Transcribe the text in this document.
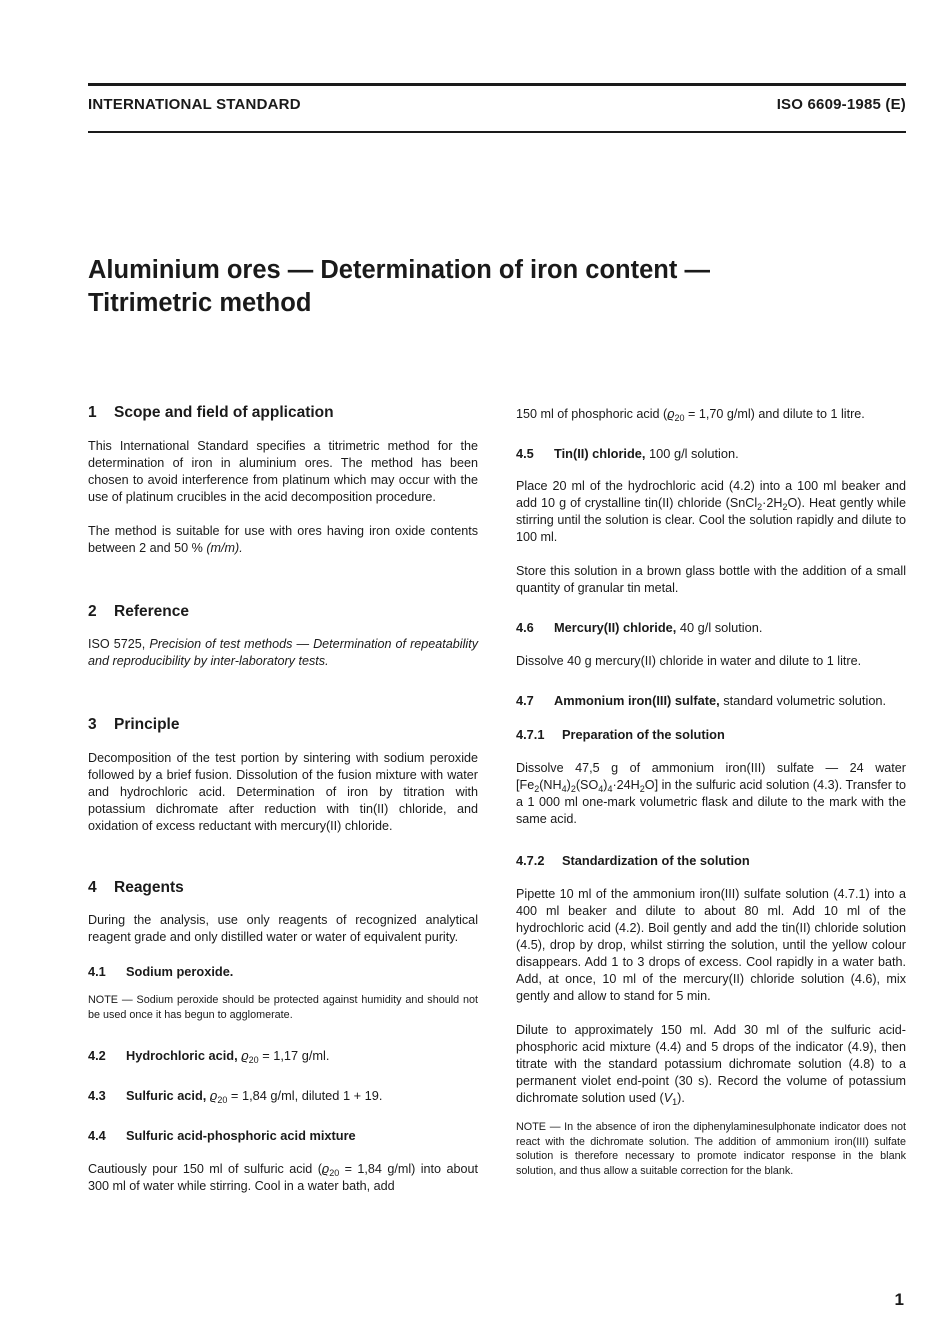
INTERNATIONAL STANDARD	ISO 6609-1985 (E)
Aluminium ores — Determination of iron content —
Titrimetric method
1 Scope and field of application

This International Standard specifies a titrimetric method for the determination of iron in aluminium ores. The method has been chosen to avoid interference from platinum which may occur with the use of platinum crucibles in the acid decomposition procedure.

The method is suitable for use with ores having iron oxide contents between 2 and 50 % (m/m).

2 Reference

ISO 5725, Precision of test methods — Determination of repeatability and reproducibility by inter-laboratory tests.

3 Principle

Decomposition of the test portion by sintering with sodium peroxide followed by a brief fusion. Dissolution of the fusion mixture with water and hydrochloric acid. Determination of iron by titration with potassium dichromate after reduction with tin(II) chloride, and oxidation of excess reductant with mercury(II) chloride.

4 Reagents

During the analysis, use only reagents of recognized analytical reagent grade and only distilled water or water of equivalent purity.

4.1 Sodium peroxide.

NOTE — Sodium peroxide should be protected against humidity and should not be used once it has begun to agglomerate.

4.2 Hydrochloric acid, $ϱ_{20} = 1,17$ g/ml.
4.3 Sulfuric acid, $ϱ_{20} = 1,84$ g/ml, diluted 1 + 19.
4.4 Sulfuric acid-phosphoric acid mixture

Cautiously pour 150 ml of sulfuric acid ($ϱ_{20} = 1,84$ g/ml) into about 300 ml of water while stirring. Cool in a water bath, add

150 ml of phosphoric acid ($ϱ_{20} = 1,70$ g/ml) and dilute to 1 litre.

4.5 Tin(II) chloride, 100 g/l solution.

Place 20 ml of the hydrochloric acid (4.2) into a 100 ml beaker and add 10 g of crystalline tin(II) chloride $(SnCl_2\cdot 2H_2O)$. Heat gently while stirring until the solution is clear. Cool the solution rapidly and dilute to 100 ml.

Store this solution in a brown glass bottle with the addition of a small quantity of granular tin metal.

4.6 Mercury(II) chloride, 40 g/l solution.

Dissolve 40 g mercury(II) chloride in water and dilute to 1 litre.

4.7 Ammonium iron(III) sulfate, standard volumetric solution.
4.7.1 Preparation of the solution

Dissolve 47,5 g of ammonium iron(III) sulfate — 24 water $[Fe_2(NH_4)_2(SO_4)_4\cdot 24H_2O]$ in the sulfuric acid solution (4.3). Transfer to a 1 000 ml one-mark volumetric flask and dilute to the mark with the same acid.

4.7.2 Standardization of the solution

Pipette 10 ml of the ammonium iron(III) sulfate solution (4.7.1) into a 400 ml beaker and dilute to about 80 ml. Add 10 ml of the hydrochloric acid (4.2). Boil gently and add the tin(II) chloride solution (4.5), drop by drop, whilst stirring the solution, until the yellow colour disappears. Add 1 to 3 drops of excess. Cool rapidly in a water bath. Add, at once, 10 ml of the mercury(II) chloride solution (4.6), mix gently and allow to stand for 5 min.

Dilute to approximately 150 ml. Add 30 ml of the sulfuric acid-phosphoric acid mixture (4.4) and 5 drops of the indicator (4.9), then titrate with the standard potassium dichromate solution (4.8) to a permanent violet end-point (30 s). Record the volume of potassium dichromate solution used $(V_1)$.

NOTE — In the absence of iron the diphenylaminesulphonate indicator does not react with the dichromate solution. The addition of ammonium iron(III) sulfate solution is therefore necessary to promote indicator response in the blank solution, and thus allow a suitable correction for the blank.

1
